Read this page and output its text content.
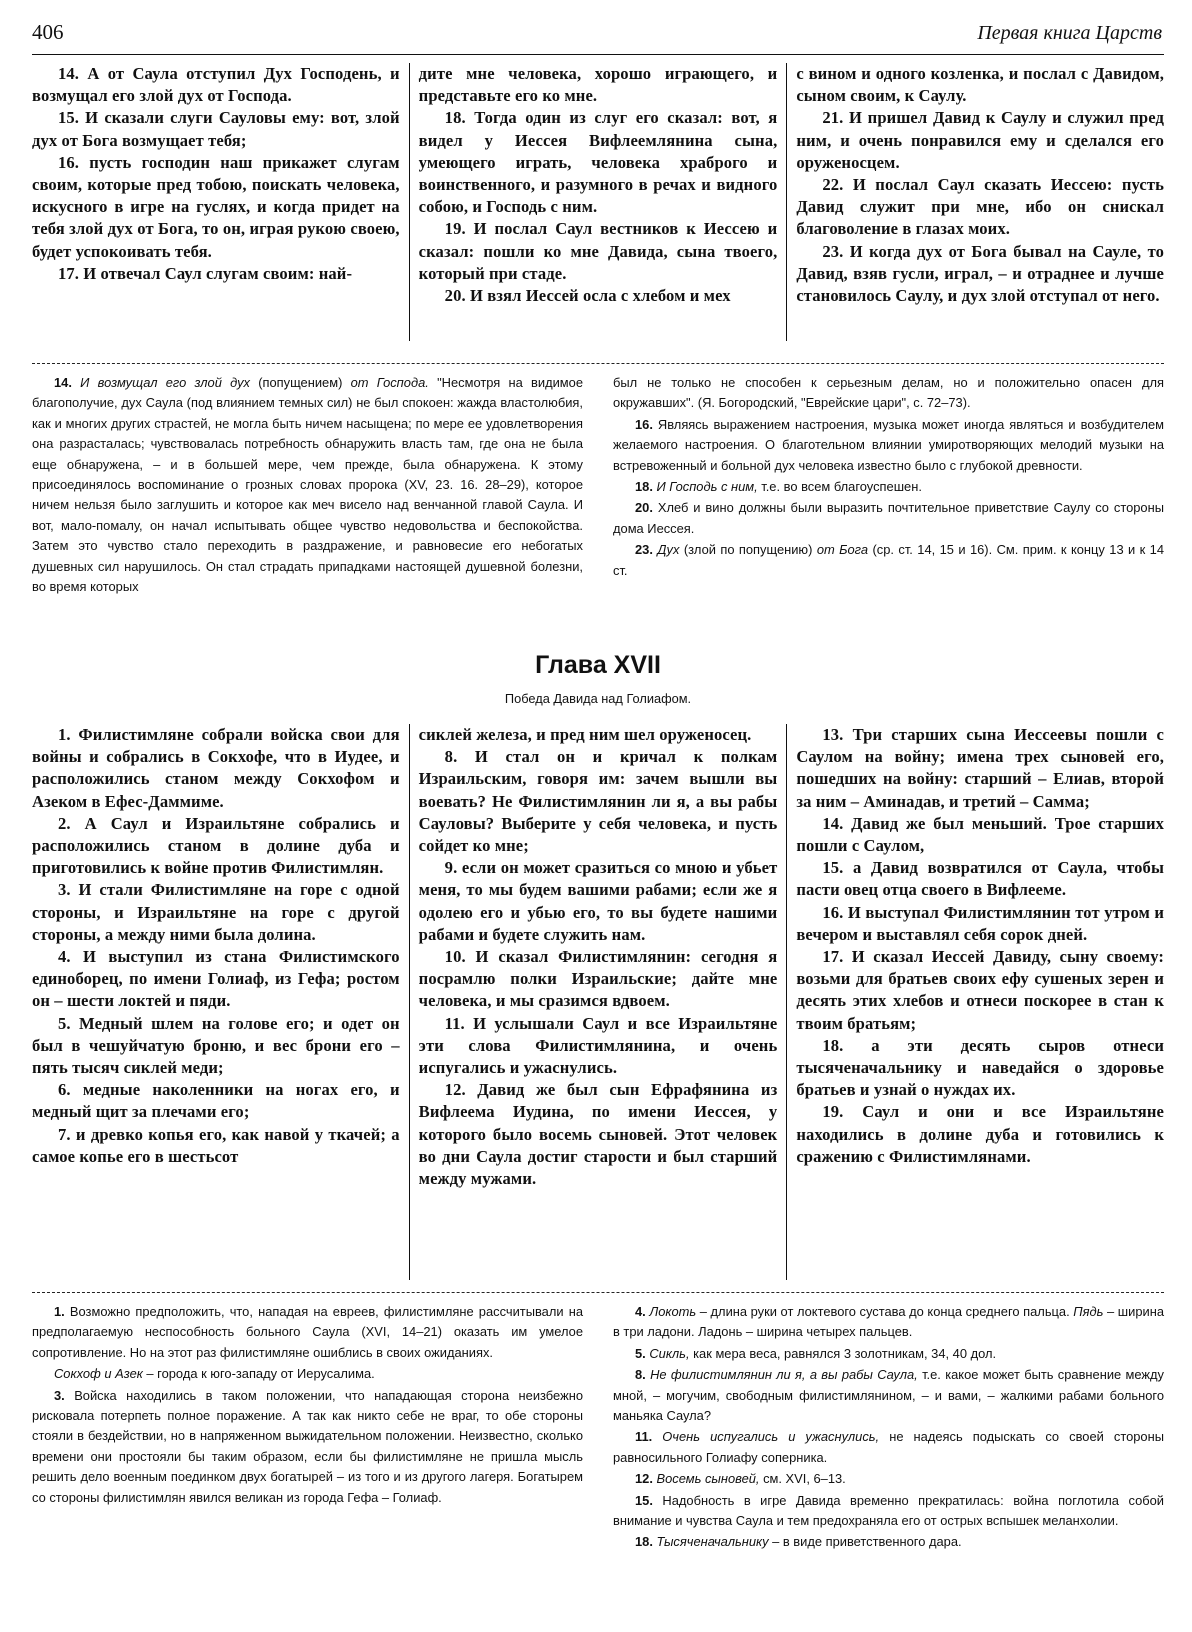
406	Первая книга Царств

14. А от Саула отступил Дух Господень, и возмущал его злой дух от Господа.

15. И сказали слуги Сауловы ему: вот, злой дух от Бога возмущает тебя;

16. пусть господин наш прикажет слугам своим, которые пред тобою, поискать человека, искусного в игре на гуслях, и когда придет на тебя злой дух от Бога, то он, играя рукою своею, будет успокоивать тебя.

17. И отвечал Саул слугам своим: най-

дите мне человека, хорошо играющего, и представьте его ко мне.

18. Тогда один из слуг его сказал: вот, я видел у Иессея Вифлеемлянина сына, умеющего играть, человека храброго и воинственного, и разумного в речах и видного собою, и Господь с ним.

19. И послал Саул вестников к Иессею и сказал: пошли ко мне Давида, сына твоего, который при стаде.

20. И взял Иессей осла с хлебом и мех

с вином и одного козленка, и послал с Давидом, сыном своим, к Саулу.

21. И пришел Давид к Саулу и служил пред ним, и очень понравился ему и сделался его оруженосцем.

22. И послал Саул сказать Иессею: пусть Давид служит при мне, ибо он снискал благоволение в глазах моих.

23. И когда дух от Бога бывал на Сауле, то Давид, взяв гусли, играл, – и отраднее и лучше становилось Саулу, и дух злой отступал от него.

14. И возмущал его злой дух (попущением) от Господа. "Несмотря на видимое благополучие, дух Саула (под влиянием темных сил) не был спокоен: жажда властолюбия, как и многих других страстей, не могла быть ничем насыщена; по мере ее удовлетворения она разрасталась; чувствовалась потребность обнаружить власть там, где она не была еще обнаружена, – и в большей мере, чем прежде, была обнаружена. К этому присоединялось воспоминание о грозных словах пророка (XV, 23. 16. 28–29), которое ничем нельзя было заглушить и которое как меч висело над венчанной главой Саула. И вот, мало-помалу, он начал испытывать общее чувство недовольства и беспокойства. Затем это чувство стало переходить в раздражение, и равновесие его небогатых душевных сил нарушилось. Он стал страдать припадками настоящей душевной болезни, во время которых

был не только не способен к серьезным делам, но и положительно опасен для окружавших". (Я. Богородский, "Еврейские цари", с. 72–73).

16. Являясь выражением настроения, музыка может иногда являться и возбудителем желаемого настроения. О благотельном влиянии умиротворяющих мелодий музыки на встревоженный и больной дух человека известно было с глубокой древности.

18. И Господь с ним, т.е. во всем благоуспешен.

20. Хлеб и вино должны были выразить почтительное приветствие Саулу со стороны дома Иессея.

23. Дух (злой по попущению) от Бога (ср. ст. 14, 15 и 16). См. прим. к концу 13 и к 14 ст.

Глава XVII
Победа Давида над Голиафом.

1. Филистимляне собрали войска свои для войны и собрались в Сокхофе, что в Иудее, и расположились станом между Сокхофом и Азеком в Ефес-Даммиме.

2. А Саул и Израильтяне собрались и расположились станом в долине дуба и приготовились к войне против Филистимлян.

3. И стали Филистимляне на горе с одной стороны, и Израильтяне на горе с другой стороны, а между ними была долина.

4. И выступил из стана Филистимского единоборец, по имени Голиаф, из Гефа; ростом он – шести локтей и пяди.

5. Медный шлем на голове его; и одет он был в чешуйчатую броню, и вес брони его – пять тысяч сиклей меди;

6. медные наколенники на ногах его, и медный щит за плечами его;

7. и древко копья его, как навой у ткачей; а самое копье его в шестьсот

сиклей железа, и пред ним шел оруженосец.

8. И стал он и кричал к полкам Израильским, говоря им: зачем вышли вы воевать? Не Филистимлянин ли я, а вы рабы Сауловы? Выберите у себя человека, и пусть сойдет ко мне;

9. если он может сразиться со мною и убьет меня, то мы будем вашими рабами; если же я одолею его и убью его, то вы будете нашими рабами и будете служить нам.

10. И сказал Филистимлянин: сегодня я посрамлю полки Израильские; дайте мне человека, и мы сразимся вдвоем.

11. И услышали Саул и все Израильтяне эти слова Филистимлянина, и очень испугались и ужаснулись.

12. Давид же был сын Ефрафянина из Вифлеема Иудина, по имени Иессея, у которого было восемь сыновей. Этот человек во дни Саула достиг старости и был старший между мужами.

13. Три старших сына Иессеевы пошли с Саулом на войну; имена трех сыновей его, пошедших на войну: старший – Елиав, второй за ним – Аминадав, и третий – Самма;

14. Давид же был меньший. Трое старших пошли с Саулом,

15. а Давид возвратился от Саула, чтобы пасти овец отца своего в Вифлееме.

16. И выступал Филистимлянин тот утром и вечером и выставлял себя сорок дней.

17. И сказал Иессей Давиду, сыну своему: возьми для братьев своих ефу сушеных зерен и десять этих хлебов и отнеси поскорее в стан к твоим братьям;

18. а эти десять сыров отнеси тысяченачальнику и наведайся о здоровье братьев и узнай о нуждах их.

19. Саул и они и все Израильтяне находились в долине дуба и готовились к сражению с Филистимлянами.

1. Возможно предположить, что, нападая на евреев, филистимляне рассчитывали на предполагаемую неспособность больного Саула (XVI, 14–21) оказать им умелое сопротивление. Но на этот раз филистимляне ошиблись в своих ожиданиях.

Сокхоф и Азек – города к юго-западу от Иерусалима.

3. Войска находились в таком положении, что нападающая сторона неизбежно рисковала потерпеть полное поражение. А так как никто себе не враг, то обе стороны стояли в бездействии, но в напряженном выжидательном положении. Неизвестно, сколько времени они простояли бы таким образом, если бы филистимляне не пришла мысль решить дело военным поединком двух богатырей – из того и из другого лагеря. Богатырем со стороны филистимлян явился великан из города Гефа – Голиаф.

4. Локоть – длина руки от локтевого сустава до конца среднего пальца. Пядь – ширина в три ладони. Ладонь – ширина четырех пальцев.

5. Сикль, как мера веса, равнялся 3 золотникам, 34, 40 дол.

8. Не филистимлянин ли я, а вы рабы Саула, т.е. какое может быть сравнение между мной, – могучим, свободным филистимлянином, – и вами, – жалкими рабами больного маньяка Саула?

11. Очень испугались и ужаснулись, не надеясь подыскать со своей стороны равносильного Голиафу соперника.

12. Восемь сыновей, см. XVI, 6–13.

15. Надобность в игре Давида временно прекратилась: война поглотила собой внимание и чувства Саула и тем предохраняла его от острых вспышек меланхолии.

18. Тысяченачальнику – в виде приветственного дара.
